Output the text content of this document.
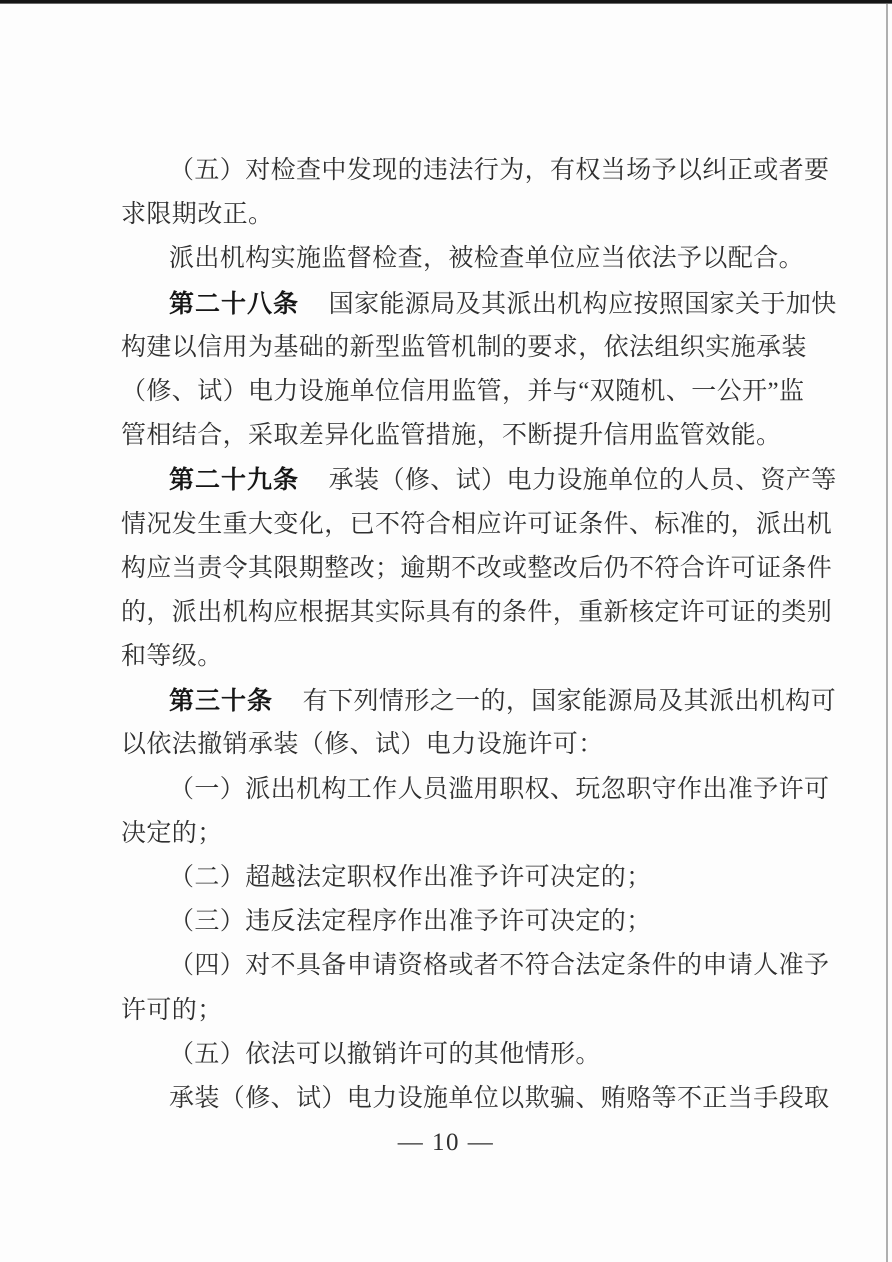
（五）对检查中发现的违法行为，有权当场予以纠正或者要
求限期改正。
派出机构实施监督检查，被检查单位应当依法予以配合。
第二十八条 国家能源局及其派出机构应按照国家关于加快
构建以信用为基础的新型监管机制的要求，依法组织实施承装
（修、试）电力设施单位信用监管，并与“双随机、一公开”监
管相结合，采取差异化监管措施，不断提升信用监管效能。
第二十九条 承装（修、试）电力设施单位的人员、资产等
情况发生重大变化，已不符合相应许可证条件、标准的，派出机
构应当责令其限期整改；逾期不改或整改后仍不符合许可证条件
的，派出机构应根据其实际具有的条件，重新核定许可证的类别
和等级。
第三十条 有下列情形之一的，国家能源局及其派出机构可
以依法撤销承装（修、试）电力设施许可：
（一）派出机构工作人员滥用职权、玩忽职守作出准予许可
决定的；
（二）超越法定职权作出准予许可决定的；
（三）违反法定程序作出准予许可决定的；
（四）对不具备申请资格或者不符合法定条件的申请人准予
许可的；
（五）依法可以撤销许可的其他情形。
承装（修、试）电力设施单位以欺骗、贿赂等不正当手段取
— 10 —
